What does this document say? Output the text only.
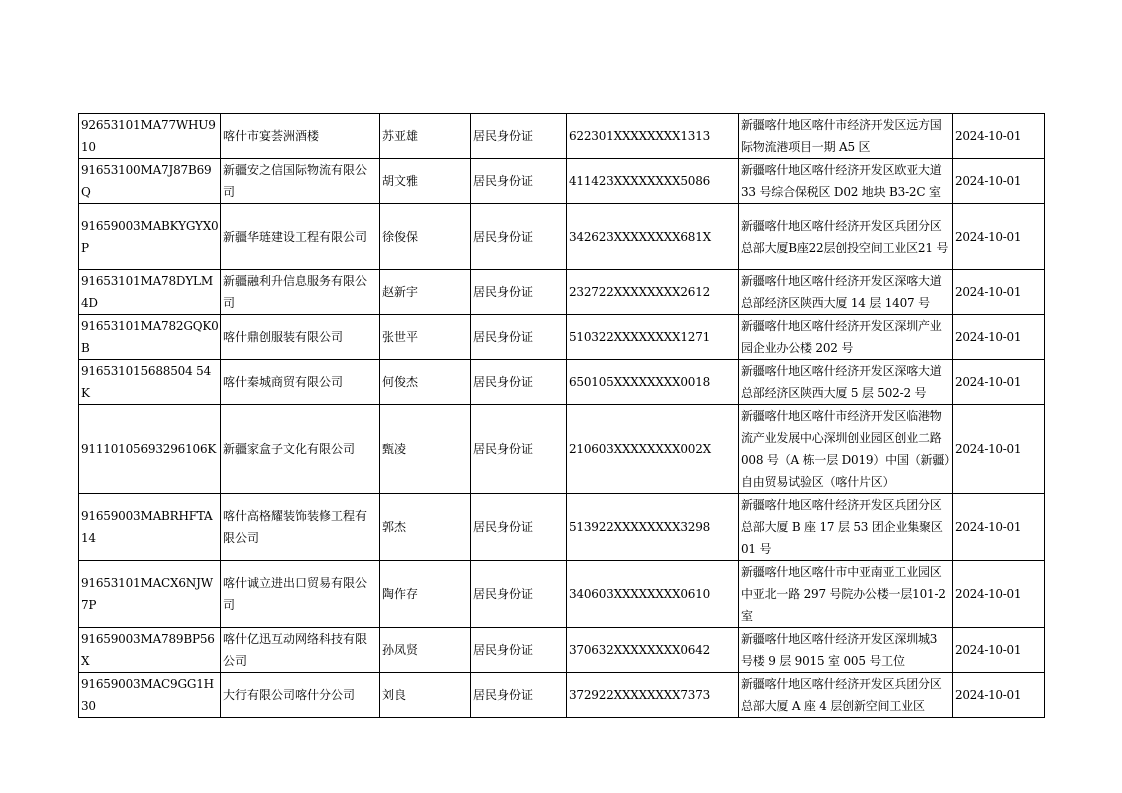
92653101MA77WHU910	喀什市宴荟洲酒楼	苏亚雄	居民身份证	622301XXXXXXXX1313	新疆喀什地区喀什市经济开发区远方国际物流港项目一期 A5 区	2024-10-01
91653100MA7J87B69Q	新疆安之信国际物流有限公司	胡文雅	居民身份证	411423XXXXXXXX5086	新疆喀什地区喀什经济开发区欧亚大道 33 号综合保税区 D02 地块 B3-2C 室	2024-10-01
91659003MABKYGYX0P	新疆华琏建设工程有限公司	徐俊保	居民身份证	342623XXXXXXXX681X	新疆喀什地区喀什经济开发区兵团分区总部大厦B座22层创投空间工业区21 号	2024-10-01
91653101MA78DYLM4D	新疆融利升信息服务有限公司	赵新宇	居民身份证	232722XXXXXXXX2612	新疆喀什地区喀什经济开发区深喀大道总部经济区陕西大厦 14 层 1407 号	2024-10-01
91653101MA782GQK0B	喀什鼎创服装有限公司	张世平	居民身份证	510322XXXXXXXX1271	新疆喀什地区喀什经济开发区深圳产业园企业办公楼 202 号	2024-10-01
916531015688504 54K	喀什秦城商贸有限公司	何俊杰	居民身份证	650105XXXXXXXX0018	新疆喀什地区喀什经济开发区深喀大道总部经济区陕西大厦 5 层 502-2 号	2024-10-01
91110105693296106K	新疆家盒子文化有限公司	甄凌	居民身份证	210603XXXXXXXX002X	新疆喀什地区喀什市经济开发区临港物流产业发展中心深圳创业园区创业二路 008 号（A 栋一层 D019）中国（新疆）自由贸易试验区（喀什片区）	2024-10-01
91659003MABRHFTA14	喀什高格耀装饰装修工程有限公司	郭杰	居民身份证	513922XXXXXXXX3298	新疆喀什地区喀什经济开发区兵团分区总部大厦 B 座 17 层 53 团企业集聚区 01 号	2024-10-01
91653101MACX6NJW7P	喀什诚立进出口贸易有限公司	陶作存	居民身份证	340603XXXXXXXX0610	新疆喀什地区喀什市中亚南亚工业园区中亚北一路 297 号院办公楼一层101-2 室	2024-10-01
91659003MA789BP56X	喀什亿迅互动网络科技有限公司	孙凤贤	居民身份证	370632XXXXXXXX0642	新疆喀什地区喀什经济开发区深圳城3 号楼 9 层 9015 室 005 号工位	2024-10-01
91659003MAC9GG1H30	大行有限公司喀什分公司	刘良	居民身份证	372922XXXXXXXX7373	新疆喀什地区喀什经济开发区兵团分区总部大厦 A 座 4 层创新空间工业区	2024-10-01
